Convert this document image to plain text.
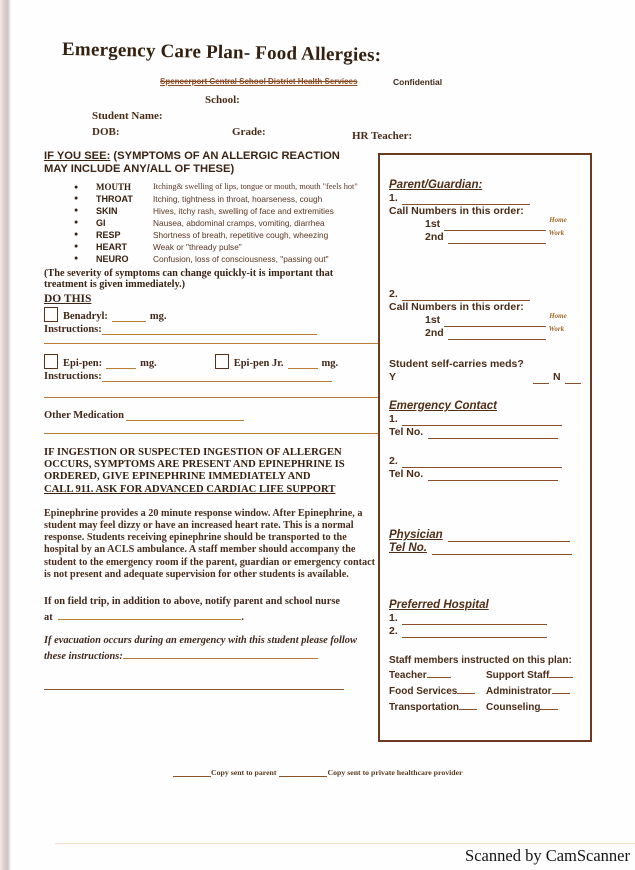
Emergency Care Plan- Food Allergies:
Spencerport Central School District Health Services	Confidential
School:
Student Name:
DOB:	Grade:	HR Teacher:
IF YOU SEE: (SYMPTOMS OF AN ALLERGIC REACTION
MAY INCLUDE ANY/ALL OF THESE)
●	MOUTH	Itching& swelling of lips, tongue or mouth, mouth "feels hot"
●	THROAT	Itching, tightness in throat, hoarseness, cough
●	SKIN	Hives, itchy rash, swelling of face and extremities
●	GI	Nausea, abdominal cramps, vomiting, diarrhea
●	RESP	Shortness of breath, repetitive cough, wheezing
●	HEART	Weak or "thready pulse"
●	NEURO	Confusion, loss of consciousness, "passing out"
(The severity of symptoms can change quickly-it is important that treatment is given immediately.)
DO THIS
Benadryl:	mg.
Instructions:
Epi-pen:	mg.	Epi-pen Jr.	mg.
Instructions:
Other Medication
IF INGESTION OR SUSPECTED INGESTION OF ALLERGEN OCCURS, SYMPTOMS ARE PRESENT AND EPINEPHRINE IS ORDERED, GIVE EPINEPHRINE IMMEDIATELY AND
CALL 911. ASK FOR ADVANCED CARDIAC LIFE SUPPORT
Epinephrine provides a 20 minute response window. After Epinephrine, a student may feel dizzy or have an increased heart rate. This is a normal response. Students receiving epinephrine should be transported to the hospital by an ACLS ambulance. A staff member should accompany the student to the emergency room if the parent, guardian or emergency contact is not present and adequate supervision for other students is available.
If on field trip, in addition to above, notify parent and school nurse
at	.
If evacuation occurs during an emergency with this student please follow these instructions:
Parent/Guardian:
1.
Call Numbers in this order:
1st	Home
2nd	Work
2.
Call Numbers in this order:
1st	Home
2nd	Work
Student self-carries meds? Y	N
Emergency Contact
1.
Tel No.
2.
Tel No.
Physician
Tel No.
Preferred Hospital
1.
2.
Staff members instructed on this plan:
Teacher	Support Staff
Food Services	Administrator
Transportation	Counseling
Copy sent to parent	Copy sent to private healthcare provider
Scanned by CamScanner
